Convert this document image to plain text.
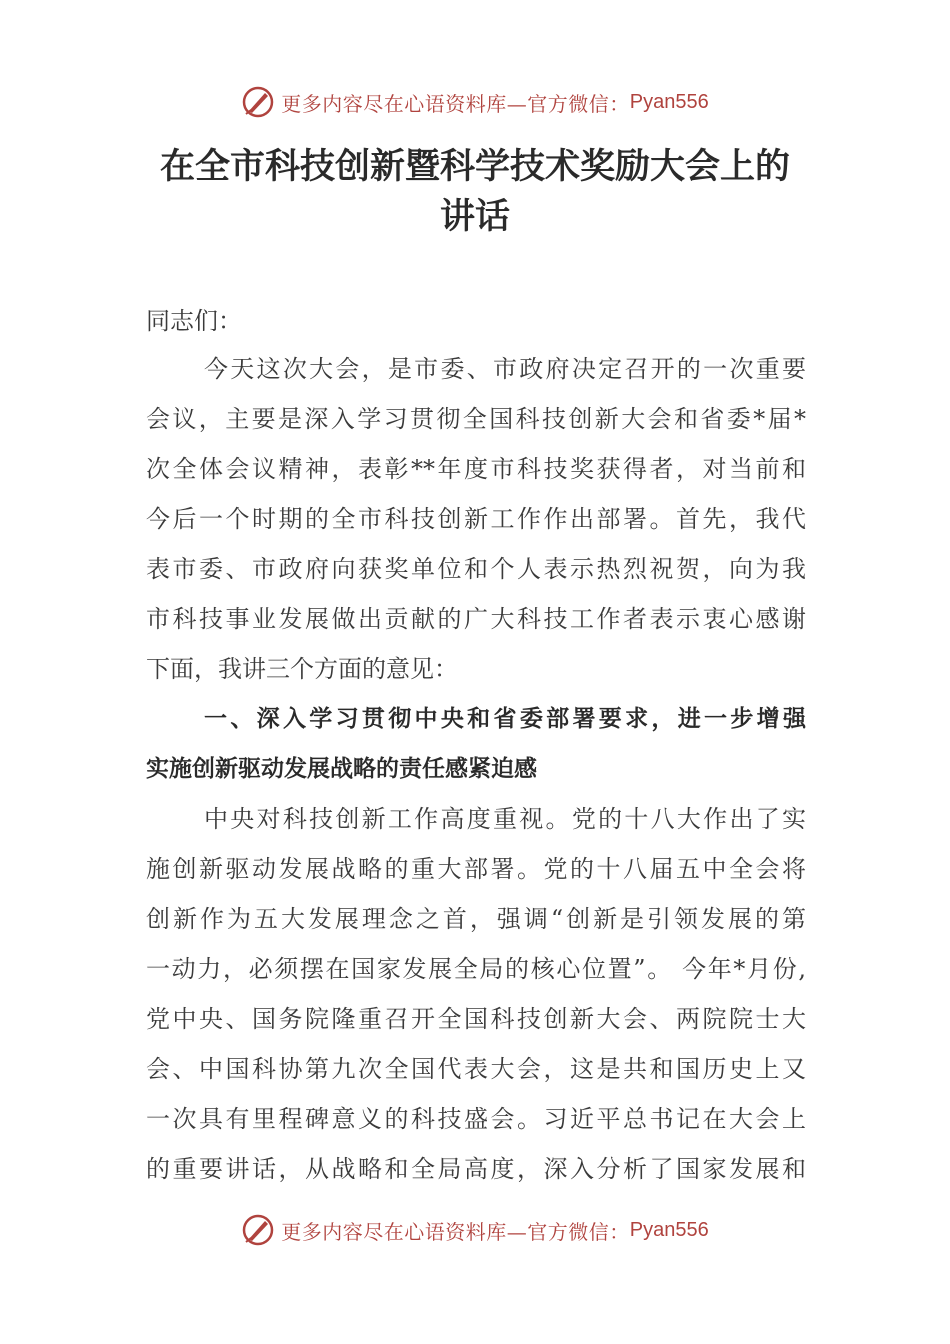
更多内容尽在心语资料库—官方微信： Pyan556
在全市科技创新暨科学技术奖励大会上的
讲话
同志们：
今天这次大会，是市委、市政府决定召开的一次重要
会议，主要是深入学习贯彻全国科技创新大会和省委*届*
次全体会议精神，表彰**年度市科技奖获得者，对当前和
今后一个时期的全市科技创新工作作出部署。首先，我代
表市委、市政府向获奖单位和个人表示热烈祝贺，向为我
市科技事业发展做出贡献的广大科技工作者表示衷心感谢
下面，我讲三个方面的意见：
一、深入学习贯彻中央和省委部署要求，进一步增强
实施创新驱动发展战略的责任感紧迫感
中央对科技创新工作高度重视。党的十八大作出了实
施创新驱动发展战略的重大部署。党的十八届五中全会将
创新作为五大发展理念之首，强调“创新是引领发展的第
一动力，必须摆在国家发展全局的核心位置”。 今年*月份,
党中央、国务院隆重召开全国科技创新大会、两院院士大
会、中国科协第九次全国代表大会，这是共和国历史上又
一次具有里程碑意义的科技盛会。习近平总书记在大会上
的重要讲话，从战略和全局高度，深入分析了国家发展和
更多内容尽在心语资料库—官方微信： Pyan556
